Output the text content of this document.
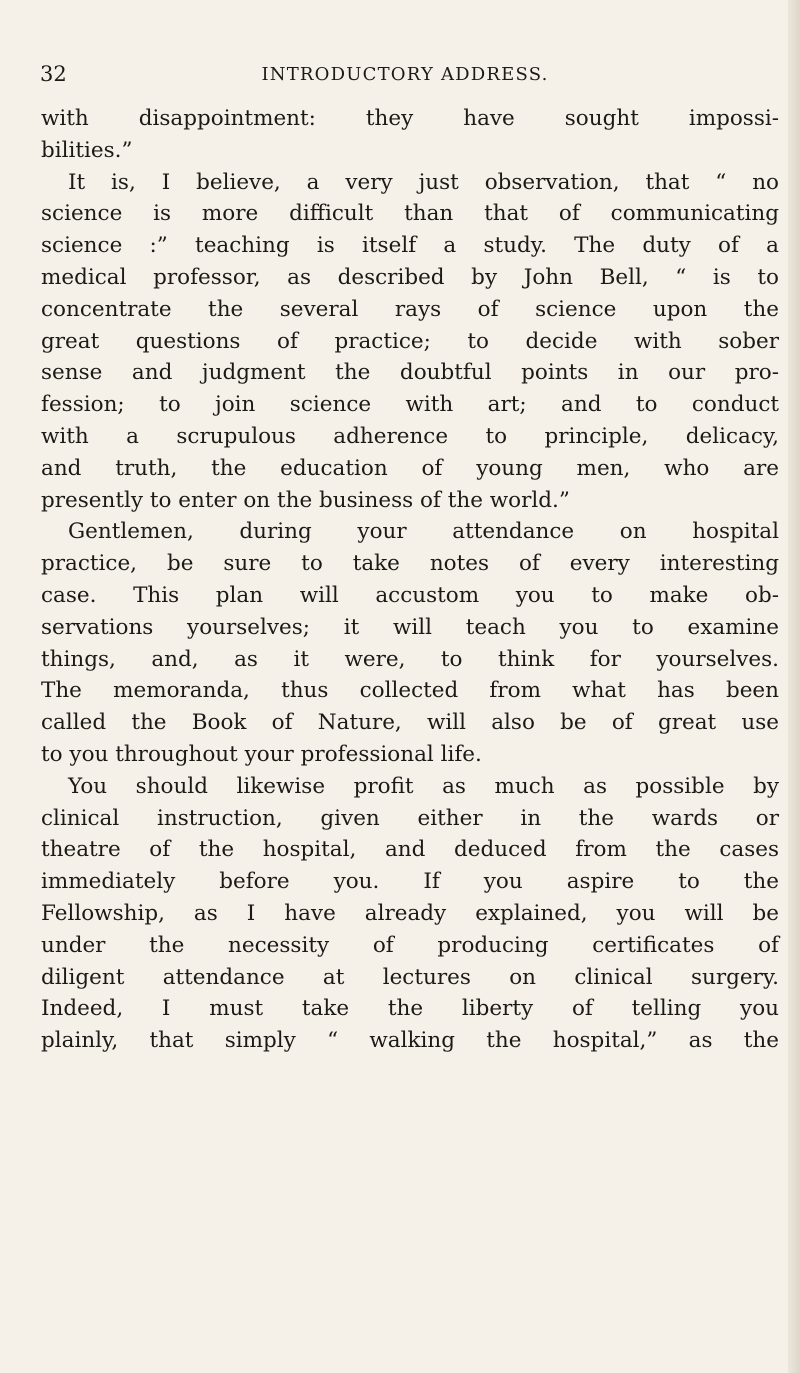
32	INTRODUCTORY ADDRESS.
with disappointment: they have sought impossi-
bilities.”
It is, I believe, a very just observation, that “ no
science is more difficult than that of communicating
science :” teaching is itself a study. The duty of a
medical professor, as described by John Bell, “ is to
concentrate the several rays of science upon the
great questions of practice; to decide with sober
sense and judgment the doubtful points in our pro-
fession; to join science with art; and to conduct
with a scrupulous adherence to principle, delicacy,
and truth, the education of young men, who are
presently to enter on the business of the world.”
Gentlemen, during your attendance on hospital
practice, be sure to take notes of every interesting
case. This plan will accustom you to make ob-
servations yourselves; it will teach you to examine
things, and, as it were, to think for yourselves.
The memoranda, thus collected from what has been
called the Book of Nature, will also be of great use
to you throughout your professional life.
You should likewise profit as much as possible by
clinical instruction, given either in the wards or
theatre of the hospital, and deduced from the cases
immediately before you. If you aspire to the
Fellowship, as I have already explained, you will be
under the necessity of producing certificates of
diligent attendance at lectures on clinical surgery.
Indeed, I must take the liberty of telling you
plainly, that simply “ walking the hospital,” as the
